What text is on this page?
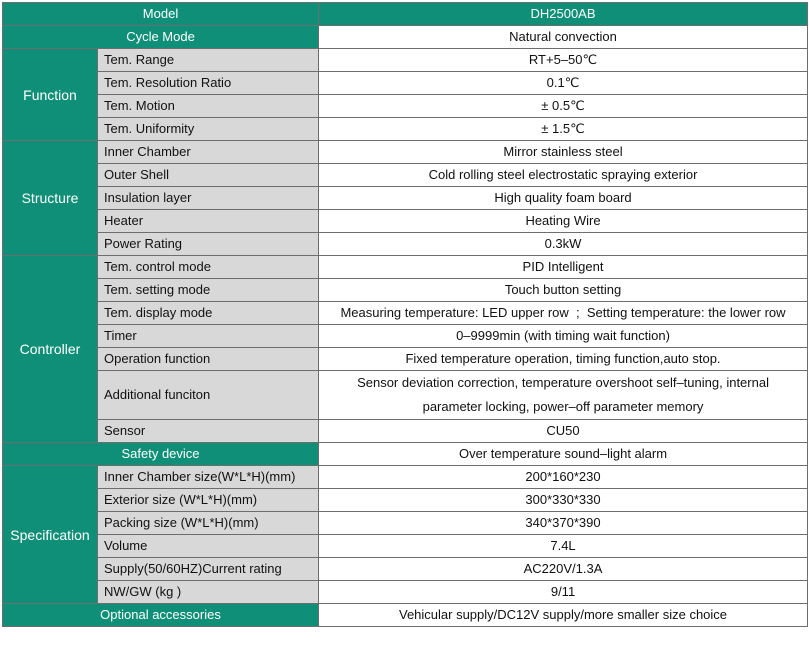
Model		DH2500AB
Cycle Mode		Natural convection
Function	Tem. Range	RT+5–50℃
	Tem. Resolution Ratio	0.1℃
	Tem. Motion	± 0.5℃
	Tem. Uniformity	± 1.5℃
Structure	Inner Chamber	Mirror stainless steel
	Outer Shell	Cold rolling steel electrostatic spraying exterior
	Insulation layer	High quality foam board
	Heater	Heating Wire
	Power Rating	0.3kW
Controller	Tem. control mode	PID Intelligent
	Tem. setting mode	Touch button setting
	Tem. display mode	Measuring temperature: LED upper row  ;  Setting temperature: the lower row
	Timer	0–9999min (with timing wait function)
	Operation function	Fixed temperature operation, timing function,auto stop.
	Additional funciton	Sensor deviation correction, temperature overshoot self–tuning, internal parameter locking, power–off parameter memory
	Sensor	CU50
Safety device		Over temperature sound–light alarm
Specification	Inner Chamber size(W*L*H)(mm)	200*160*230
	Exterior size (W*L*H)(mm)	300*330*330
	Packing size (W*L*H)(mm)	340*370*390
	Volume	7.4L
	Supply(50/60HZ)Current rating	AC220V/1.3A
	NW/GW (kg )	9/11
Optional accessories		Vehicular supply/DC12V supply/more smaller size choice
